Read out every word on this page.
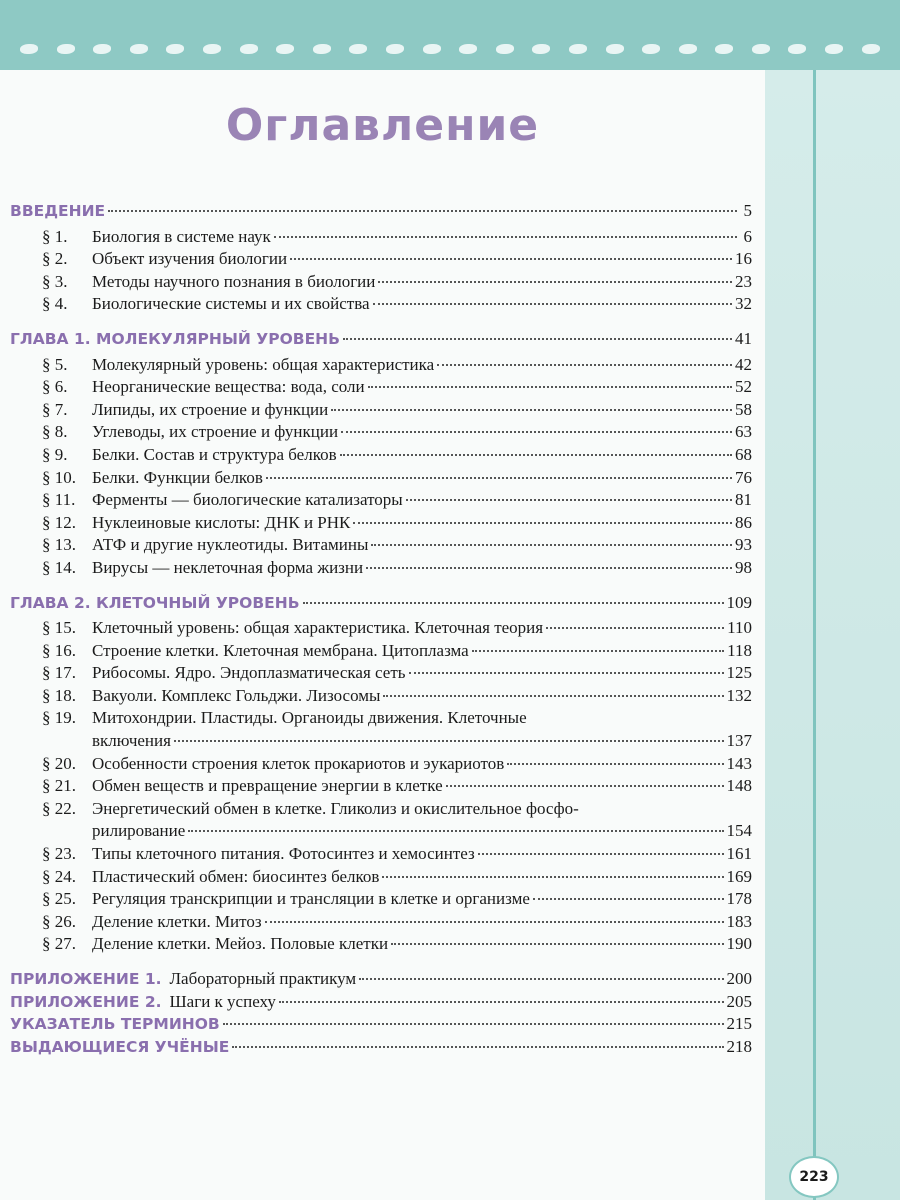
Оглавление
ВВЕДЕНИЕ	5
§ 1.	Биология в системе наук	6
§ 2.	Объект изучения биологии	16
§ 3.	Методы научного познания в биологии	23
§ 4.	Биологические системы и их свойства	32
ГЛАВА 1. МОЛЕКУЛЯРНЫЙ УРОВЕНЬ	41
§ 5.	Молекулярный уровень: общая характеристика	42
§ 6.	Неорганические вещества: вода, соли	52
§ 7.	Липиды, их строение и функции	58
§ 8.	Углеводы, их строение и функции	63
§ 9.	Белки. Состав и структура белков	68
§ 10. Белки. Функции белков	76
§ 11. Ферменты — биологические катализаторы	81
§ 12. Нуклеиновые кислоты: ДНК и РНК	86
§ 13. АТФ и другие нуклеотиды. Витамины	93
§ 14. Вирусы — неклеточная форма жизни	98
ГЛАВА 2. КЛЕТОЧНЫЙ УРОВЕНЬ	109
§ 15. Клеточный уровень: общая характеристика. Клеточная теория	110
§ 16. Строение клетки. Клеточная мембрана. Цитоплазма	118
§ 17. Рибосомы. Ядро. Эндоплазматическая сеть	125
§ 18. Вакуоли. Комплекс Гольджи. Лизосомы	132
§ 19. Митохондрии. Пластиды. Органоиды движения. Клеточные
включения	137
§ 20. Особенности строения клеток прокариотов и эукариотов	143
§ 21. Обмен веществ и превращение энергии в клетке	148
§ 22. Энергетический обмен в клетке. Гликолиз и окислительное фосфо-
рилирование	154
§ 23. Типы клеточного питания. Фотосинтез и хемосинтез	161
§ 24. Пластический обмен: биосинтез белков	169
§ 25. Регуляция транскрипции и трансляции в клетке и организме	178
§ 26. Деление клетки. Митоз	183
§ 27. Деление клетки. Мейоз. Половые клетки	190
ПРИЛОЖЕНИЕ 1. Лабораторный практикум	200
ПРИЛОЖЕНИЕ 2. Шаги к успеху	205
УКАЗАТЕЛЬ ТЕРМИНОВ	215
ВЫДАЮЩИЕСЯ УЧЁНЫЕ	218
223
